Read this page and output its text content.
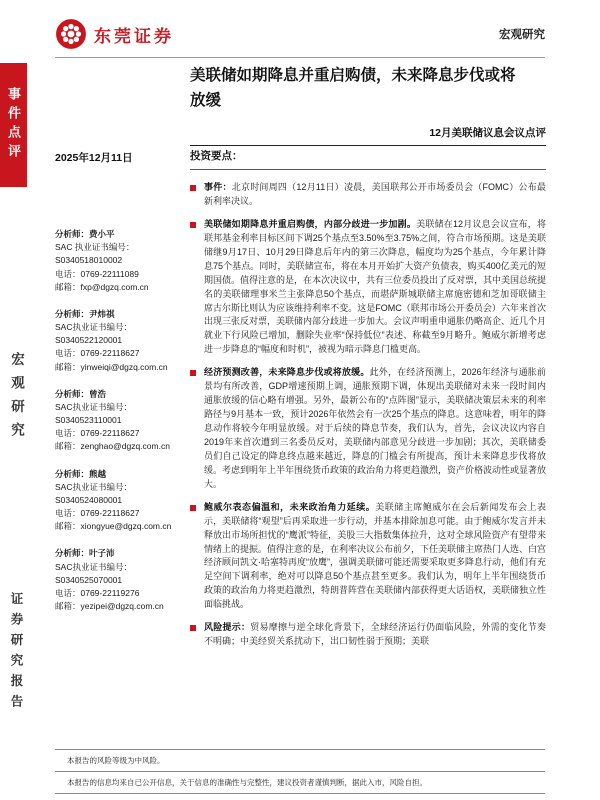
东莞证券	宏观研究
事件点评
宏观研究
证券研究报告
美联储如期降息并重启购债，未来降息步伐或将放缓
12月美联储议息会议点评
2025年12月11日
分析师：费小平
SAC 执业证书编号：
S0340518010002
电话：0769-22111089
邮箱：fxp@dgzq.com.cn
分析师：尹炜祺
SAC执业证书编号：
S0340522120001
电话：0769-22118627
邮箱：yinweiqi@dgzq.com.cn
分析师：曾浩
SAC执业证书编号：
S0340523110001
电话：0769-22118627
邮箱：zenghao@dgzq.com.cn
分析师：熊越
SAC执业证书编号：
S0340524080001
电话：0769-22118627
邮箱：xiongyue@dgzq.com.cn
分析师：叶子沛
SAC执业证书编号：
S0340525070001
电话：0769-22119276
邮箱：yezipei@dgzq.com.cn
投资要点：
事件：北京时间周四（12月11日）凌晨，美国联邦公开市场委员会（FOMC）公布最新利率决议。
美联储如期降息并重启购债，内部分歧进一步加剧。美联储在12月议息会议宣布，将联邦基金利率目标区间下调25个基点至3.50%至3.75%之间，符合市场预期。这是美联储继9月17日、10月29日降息后年内的第三次降息，幅度均为25个基点，今年累计降息75个基点。同时，美联储宣布，将在本月开始扩大资产负债表，购买400亿美元的短期国债。值得注意的是，在本次决议中，共有三位委员投出了反对票，其中美国总统提名的美联储理事米兰主张降息50个基点，而堪萨斯城联储主席施密德和芝加哥联储主席古尔斯比则认为应该维持利率不变。这是FOMC（联邦市场公开委员会）六年来首次出现三张反对票，美联储内部分歧进一步加大。会议声明重申通胀仍略高企、近几个月就业下行风险已增加，删除失业率“保持低位”表述、称截至9月略升。鲍威尔新增考虑进一步降息的“幅度和时机”，被视为暗示降息门槛更高。
经济预测改善，未来降息步伐或将放缓。此外，在经济预测上，2026年经济与通胀前景均有所改善，GDP增速预期上调，通胀预期下调，体现出美联储对未来一段时间内通胀放缓的信心略有增强。另外，最新公布的“点阵图”显示，美联储决策层未来的利率路径与9月基本一致，预计2026年依然会有一次25个基点的降息。这意味着，明年的降息动作将较今年明显放缓。对于后续的降息节奏，我们认为，首先，会议决议内容自2019年来首次遭到三名委员反对，美联储内部意见分歧进一步加剧；其次，美联储委员们自己设定的降息终点越来越近，降息的门槛会有所提高，预计未来降息步伐将放缓。考虑到明年上半年围绕货币政策的政治角力将更趋激烈，资产价格波动性或显著放大。
鲍威尔表态偏温和，未来政治角力延续。美联储主席鲍威尔在会后新闻发布会上表示，美联储将“观望”后再采取进一步行动，并基本排除加息可能。由于鲍威尔发言并未释放出市场所担忧的“鹰派”特征，美股三大指数集体拉升，这对全球风险资产有望带来情绪上的提振。值得注意的是，在利率决议公布前夕，下任美联储主席热门人选、白宫经济顾问凯文·哈塞特再度“放鹰”，强调美联储可能还需要采取更多降息行动，他们有充足空间下调利率，绝对可以降息50个基点甚至更多。我们认为，明年上半年围绕货币政策的政治角力将更趋激烈，特朗普阵营在美联储内部获得更大话语权，美联储独立性面临挑战。
风险提示：贸易摩擦与逆全球化背景下，全球经济运行仍面临风险，外需的变化节奏不明确；中美经贸关系扰动下，出口韧性弱于预期；美联
本报告的风险等级为中风险。
本报告的信息均来自已公开信息，关于信息的准确性与完整性，建议投资者谨慎判断，据此入市，风险自担。
